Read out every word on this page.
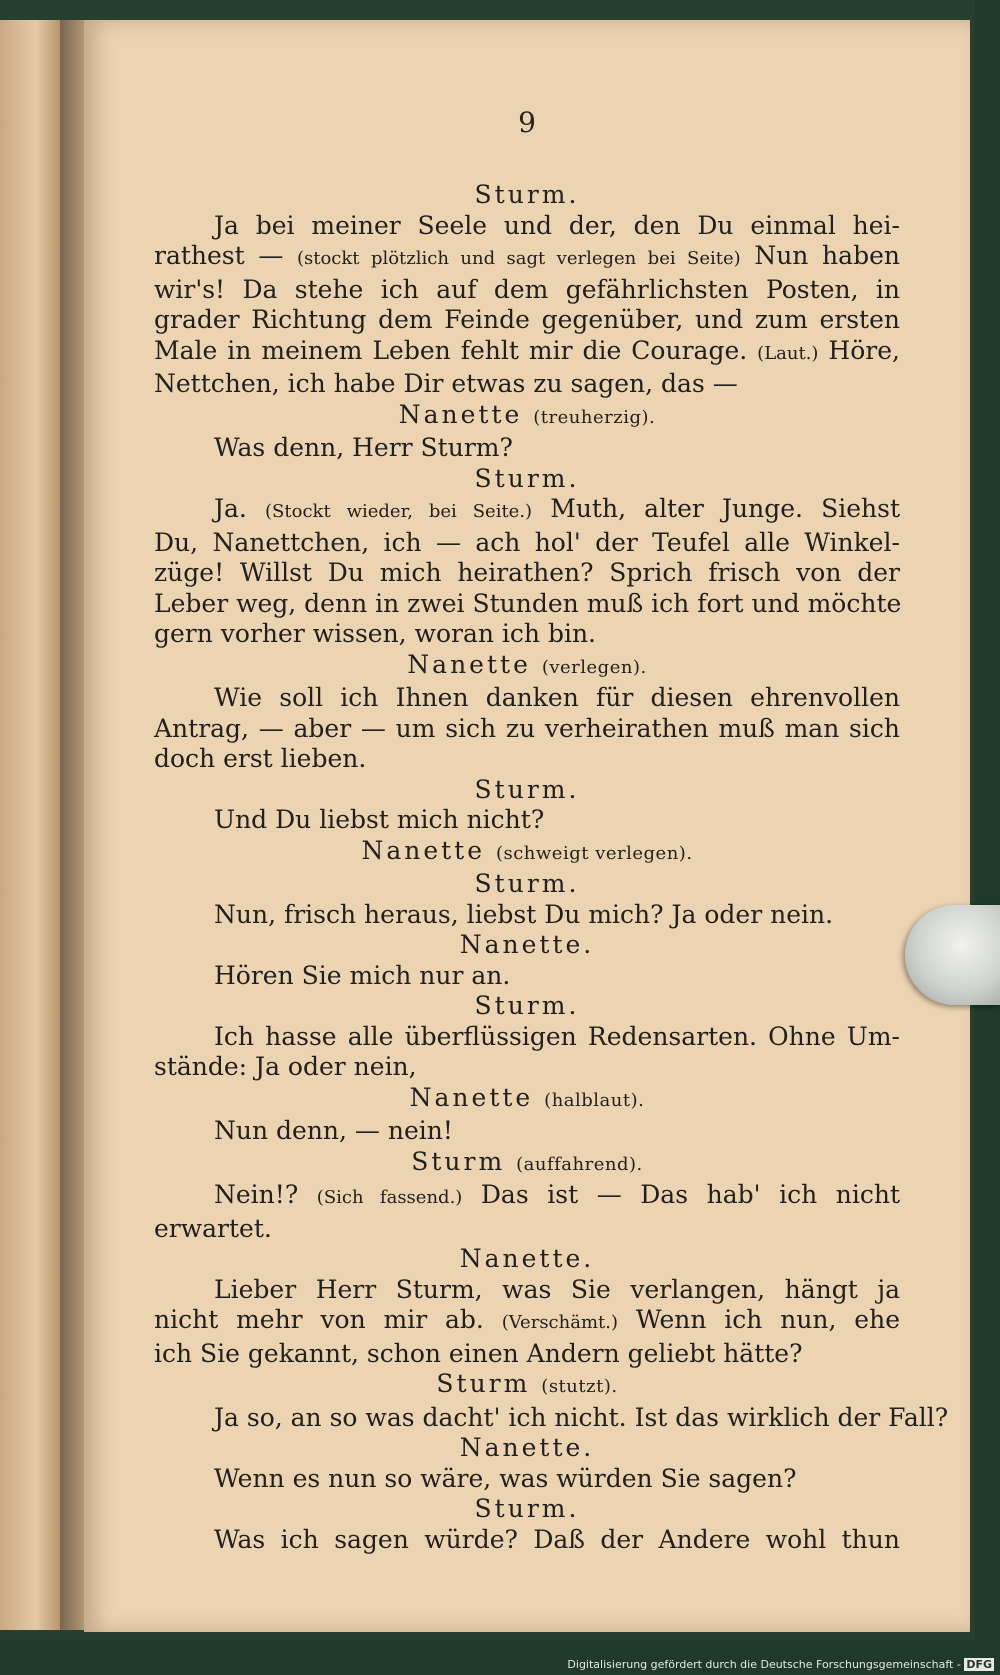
9
Sturm.
Ja bei meiner Seele und der, den Du einmal hei-
rathest — (stockt plötzlich und sagt verlegen bei Seite) Nun haben
wir's! Da stehe ich auf dem gefährlichsten Posten, in
grader Richtung dem Feinde gegenüber, und zum ersten
Male in meinem Leben fehlt mir die Courage. (Laut.) Höre,
Nettchen, ich habe Dir etwas zu sagen, das —
Nanette (treuherzig).
Was denn, Herr Sturm?
Sturm.
Ja. (Stockt wieder, bei Seite.) Muth, alter Junge. Siehst
Du, Nanettchen, ich — ach hol' der Teufel alle Winkel-
züge! Willst Du mich heirathen? Sprich frisch von der
Leber weg, denn in zwei Stunden muß ich fort und möchte
gern vorher wissen, woran ich bin.
Nanette (verlegen).
Wie soll ich Ihnen danken für diesen ehrenvollen
Antrag, — aber — um sich zu verheirathen muß man sich
doch erst lieben.
Sturm.
Und Du liebst mich nicht?
Nanette (schweigt verlegen).
Sturm.
Nun, frisch heraus, liebst Du mich? Ja oder nein.
Nanette.
Hören Sie mich nur an.
Sturm.
Ich hasse alle überflüssigen Redensarten. Ohne Um-
stände: Ja oder nein,
Nanette (halblaut).
Nun denn, — nein!
Sturm (auffahrend).
Nein!? (Sich fassend.) Das ist — Das hab' ich nicht
erwartet.
Nanette.
Lieber Herr Sturm, was Sie verlangen, hängt ja
nicht mehr von mir ab. (Verschämt.) Wenn ich nun, ehe
ich Sie gekannt, schon einen Andern geliebt hätte?
Sturm (stutzt).
Ja so, an so was dacht' ich nicht. Ist das wirklich der Fall?
Nanette.
Wenn es nun so wäre, was würden Sie sagen?
Sturm.
Was ich sagen würde? Daß der Andere wohl thun
Digitalisierung gefördert durch die Deutsche Forschungsgemeinschaft - DFG
